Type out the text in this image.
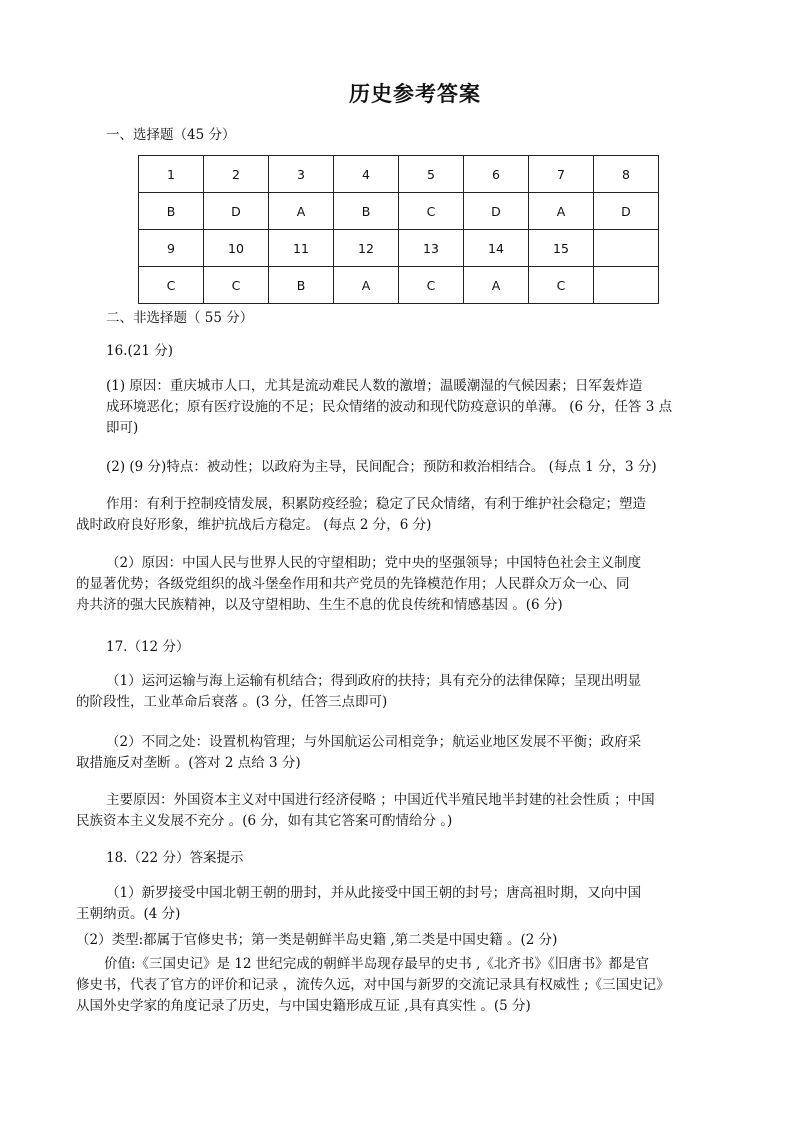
历史参考答案
一、选择题（45 分）
1	2	3	4	5	6	7	8
B	D	A	B	C	D	A	D
9	10	11	12	13	14	15	
C	C	B	A	C	A	C	
二、非选择题（ 55 分）
16.(21 分)
(1) 原因：重庆城市人口，尤其是流动难民人数的激增；温暖潮湿的气候因素；日军轰炸造
成环境恶化；原有医疗设施的不足；民众情绪的波动和现代防疫意识的单薄。 (6 分，任答 3 点
即可)
(2) (9 分)特点：被动性；以政府为主导，民间配合；预防和救治相结合。 (每点 1 分，3 分)
作用：有利于控制疫情发展，积累防疫经验；稳定了民众情绪，有利于维护社会稳定；塑造
战时政府良好形象，维护抗战后方稳定。 (每点 2 分，6 分)
（2）原因：中国人民与世界人民的守望相助；党中央的坚强领导；中国特色社会主义制度
的显著优势；各级党组织的战斗堡垒作用和共产党员的先锋模范作用；人民群众万众一心、同
舟共济的强大民族精神，以及守望相助、生生不息的优良传统和情感基因 。(6 分)
17.（12 分）
（1）运河运输与海上运输有机结合；得到政府的扶持；具有充分的法律保障；呈现出明显
的阶段性，工业革命后衰落 。(3 分，任答三点即可)
（2）不同之处：设置机构管理；与外国航运公司相竞争；航运业地区发展不平衡；政府采
取措施反对垄断 。(答对 2 点给 3 分)
主要原因：外国资本主义对中国进行经济侵略 ；中国近代半殖民地半封建的社会性质 ；中国
民族资本主义发展不充分 。(6 分，如有其它答案可酌情给分 。)
18.（22 分）答案提示
（1）新罗接受中国北朝王朝的册封，并从此接受中国王朝的封号；唐高祖时期，又向中国
王朝纳贡。(4 分)
（2）类型:都属于官修史书；第一类是朝鲜半岛史籍 ,第二类是中国史籍 。(2 分)
价值:《三国史记》是 12 世纪完成的朝鲜半岛现存最早的史书 ,《北齐书》《旧唐书》都是官
修史书，代表了官方的评价和记录 ，流传久远，对中国与新罗的交流记录具有权威性 ;《三国史记》
从国外史学家的角度记录了历史，与中国史籍形成互证 ,具有真实性 。(5 分)
